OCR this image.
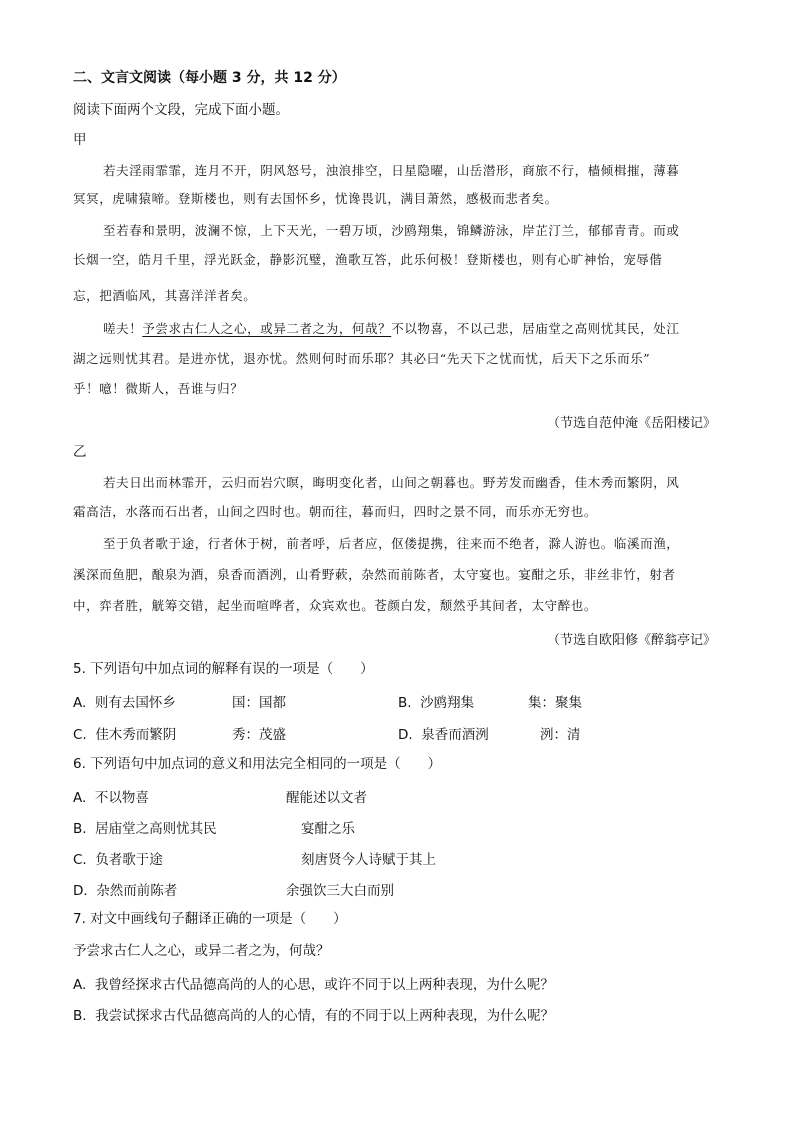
二、文言文阅读（每小题 3 分，共 12 分）
阅读下面两个文段，完成下面小题。
甲
若夫淫雨霏霏，连月不开，阴风怒号，浊浪排空，日星隐曜，山岳潜形，商旅不行，樯倾楫摧，薄暮
冥冥，虎啸猿啼。登斯楼也，则有去国怀乡，忧谗畏讥，满目萧然，感极而悲者矣。
至若春和景明，波澜不惊，上下天光，一碧万顷，沙鸥翔集，锦鳞游泳，岸芷汀兰，郁郁青青。而或
长烟一空，皓月千里，浮光跃金，静影沉璧，渔歌互答，此乐何极！登斯楼也，则有心旷神怡，宠辱偕
忘，把酒临风，其喜洋洋者矣。
嗟夫！予尝求古仁人之心，或异二者之为，何哉？不以物喜，不以己悲，居庙堂之高则忧其民，处江
湖之远则忧其君。是进亦忧，退亦忧。然则何时而乐耶？其必曰“先天下之忧而忧，后天下之乐而乐”
乎！噫！微斯人，吾谁与归？
（节选自范仲淹《岳阳楼记》
乙
若夫日出而林霏开，云归而岩穴暝，晦明变化者，山间之朝暮也。野芳发而幽香，佳木秀而繁阴，风
霜高洁，水落而石出者，山间之四时也。朝而往，暮而归，四时之景不同，而乐亦无穷也。
至于负者歌于途，行者休于树，前者呼，后者应，伛偻提携，往来而不绝者，滁人游也。临溪而渔，
溪深而鱼肥，酿泉为酒，泉香而酒洌，山肴野蔌，杂然而前陈者，太守宴也。宴酣之乐，非丝非竹，射者
中，弈者胜，觥筹交错，起坐而喧哗者，众宾欢也。苍颜白发，颓然乎其间者，太守醉也。
（节选自欧阳修《醉翁亭记》
5. 下列语句中加点词的解释有误的一项是（　　）
A. 则有去国怀乡	国：国都	B. 沙鸥翔集	集：聚集
C. 佳木秀而繁阴	秀：茂盛	D. 泉香而酒洌	洌：清
6. 下列语句中加点词的意义和用法完全相同的一项是（　　）
A. 不以物喜	醒能述以文者
B. 居庙堂之高则忧其民	宴酣之乐
C. 负者歌于途	刻唐贤今人诗赋于其上
D. 杂然而前陈者	余强饮三大白而别
7. 对文中画线句子翻译正确的一项是（　　）
予尝求古仁人之心，或异二者之为，何哉？
A. 我曾经探求古代品德高尚的人的心思，或许不同于以上两种表现，为什么呢？
B. 我尝试探求古代品德高尚的人的心情，有的不同于以上两种表现，为什么呢？
